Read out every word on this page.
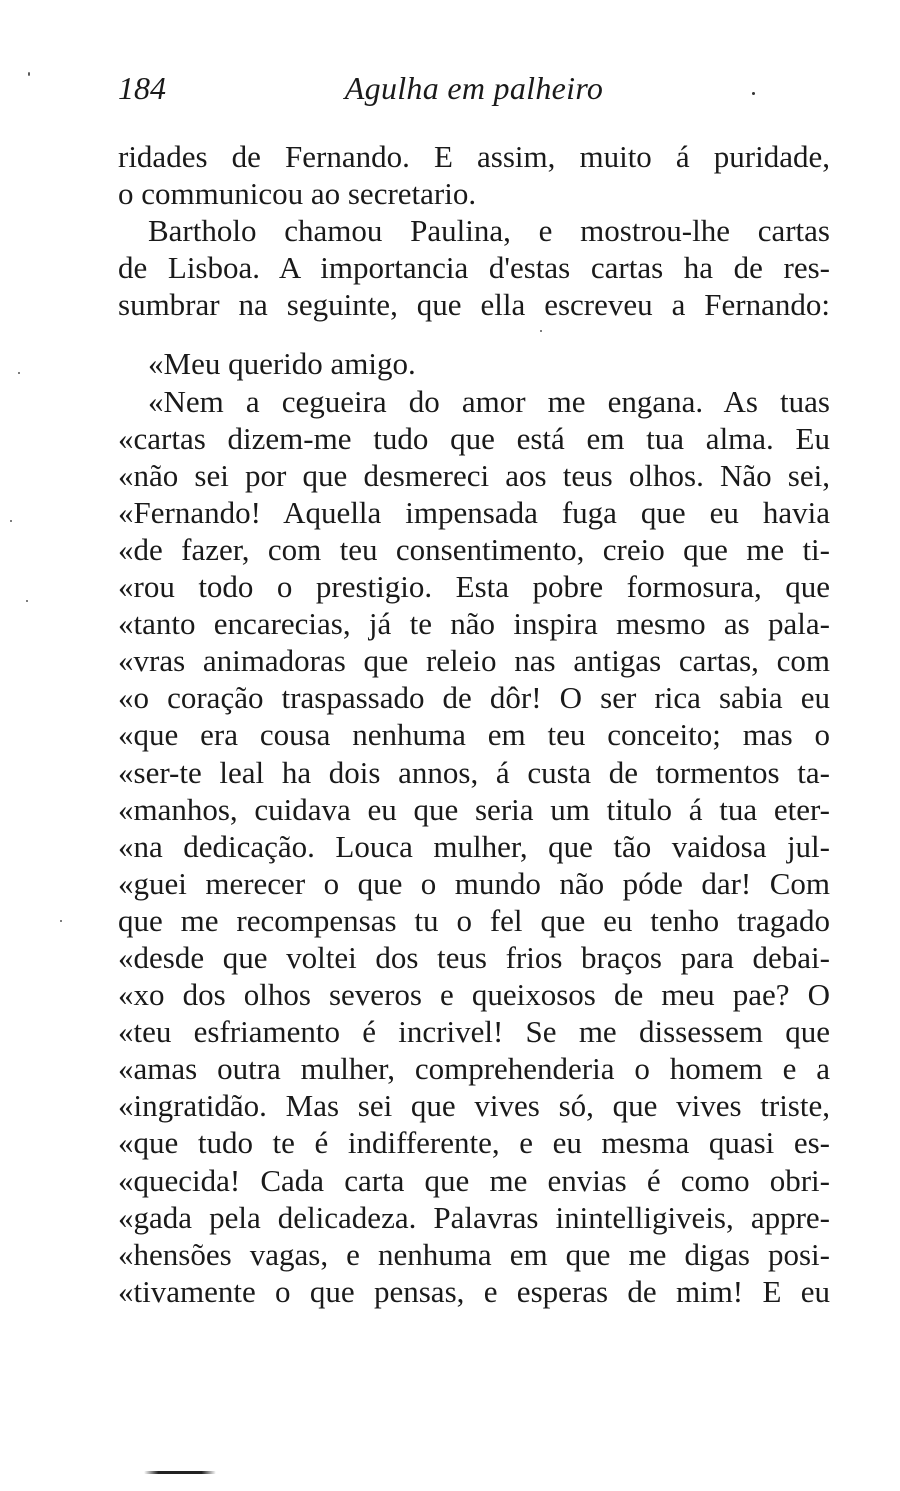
184	Agulha em palheiro
ridades de Fernando. E assim, muito á puridade,
o communicou ao secretario.
Bartholo chamou Paulina, e mostrou-lhe cartas
de Lisboa. A importancia d'estas cartas ha de res-
sumbrar na seguinte, que ella escreveu a Fernando:
«Meu querido amigo.
«Nem a cegueira do amor me engana. As tuas
«cartas dizem-me tudo que está em tua alma. Eu
«não sei por que desmereci aos teus olhos. Não sei,
«Fernando! Aquella impensada fuga que eu havia
«de fazer, com teu consentimento, creio que me ti-
«rou todo o prestigio. Esta pobre formosura, que
«tanto encarecias, já te não inspira mesmo as pala-
«vras animadoras que releio nas antigas cartas, com
«o coração traspassado de dôr! O ser rica sabia eu
«que era cousa nenhuma em teu conceito; mas o
«ser-te leal ha dois annos, á custa de tormentos ta-
«manhos, cuidava eu que seria um titulo á tua eter-
«na dedicação. Louca mulher, que tão vaidosa jul-
«guei merecer o que o mundo não póde dar! Com
que me recompensas tu o fel que eu tenho tragado
«desde que voltei dos teus frios braços para debai-
«xo dos olhos severos e queixosos de meu pae? O
«teu esfriamento é incrivel! Se me dissessem que
«amas outra mulher, comprehenderia o homem e a
«ingratidão. Mas sei que vives só, que vives triste,
«que tudo te é indifferente, e eu mesma quasi es-
«quecida! Cada carta que me envias é como obri-
«gada pela delicadeza. Palavras inintelligiveis, appre-
«hensões vagas, e nenhuma em que me digas posi-
«tivamente o que pensas, e esperas de mim! E eu
